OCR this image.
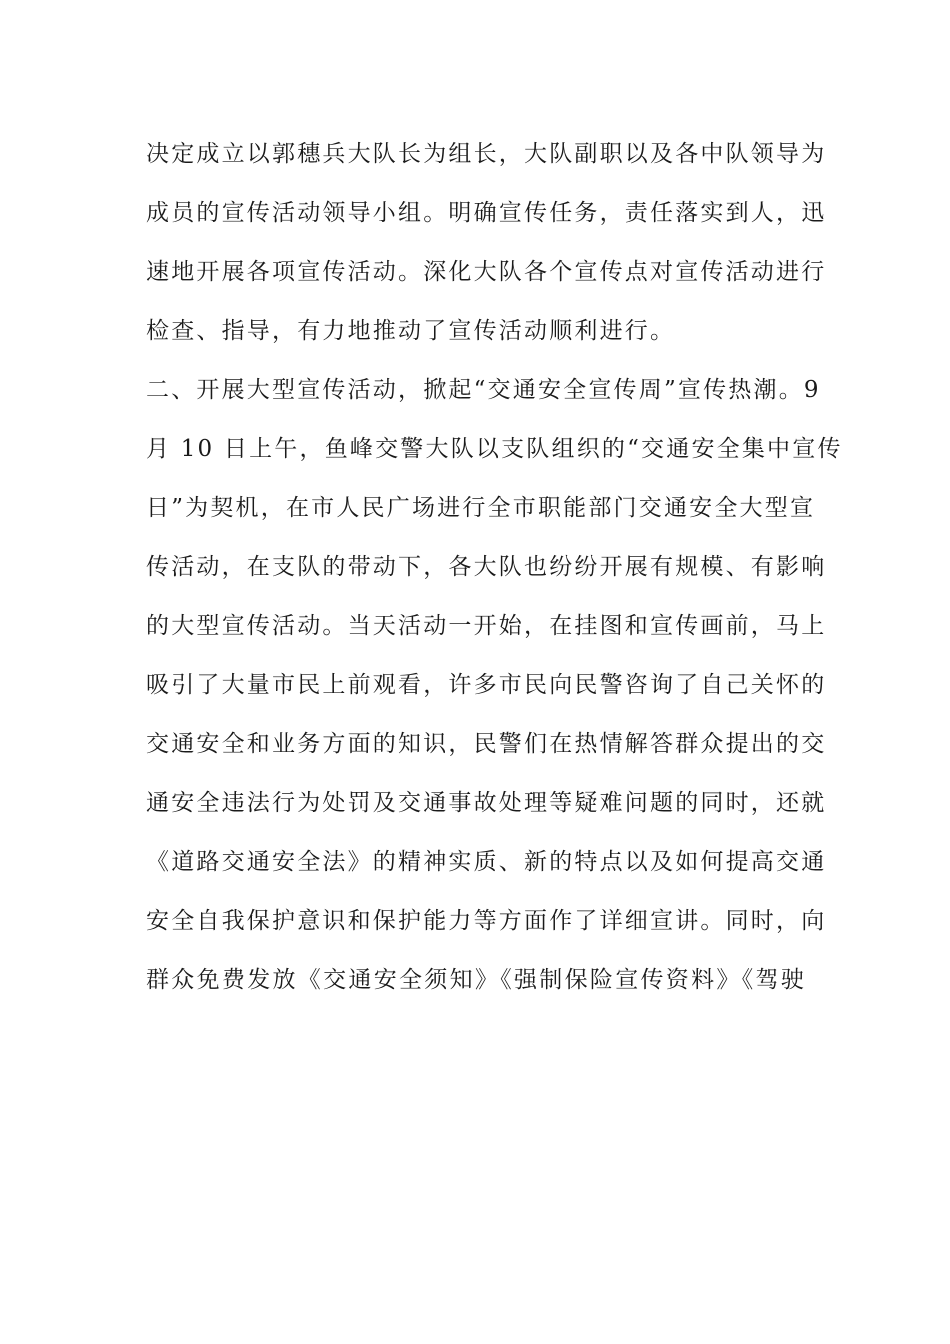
决定成立以郭穗兵大队长为组长，大队副职以及各中队领导为
成员的宣传活动领导小组。明确宣传任务，责任落实到人，迅
速地开展各项宣传活动。深化大队各个宣传点对宣传活动进行
检查、指导，有力地推动了宣传活动顺利进行。
二、开展大型宣传活动，掀起“交通安全宣传周”宣传热潮。9
月 10 日上午，鱼峰交警大队以支队组织的“交通安全集中宣传
日”为契机，在市人民广场进行全市职能部门交通安全大型宣
传活动，在支队的带动下，各大队也纷纷开展有规模、有影响
的大型宣传活动。当天活动一开始，在挂图和宣传画前，马上
吸引了大量市民上前观看，许多市民向民警咨询了自己关怀的
交通安全和业务方面的知识，民警们在热情解答群众提出的交
通安全违法行为处罚及交通事故处理等疑难问题的同时，还就
《道路交通安全法》的精神实质、新的特点以及如何提高交通
安全自我保护意识和保护能力等方面作了详细宣讲。同时，向
群众免费发放《交通安全须知》《强制保险宣传资料》《驾驶
